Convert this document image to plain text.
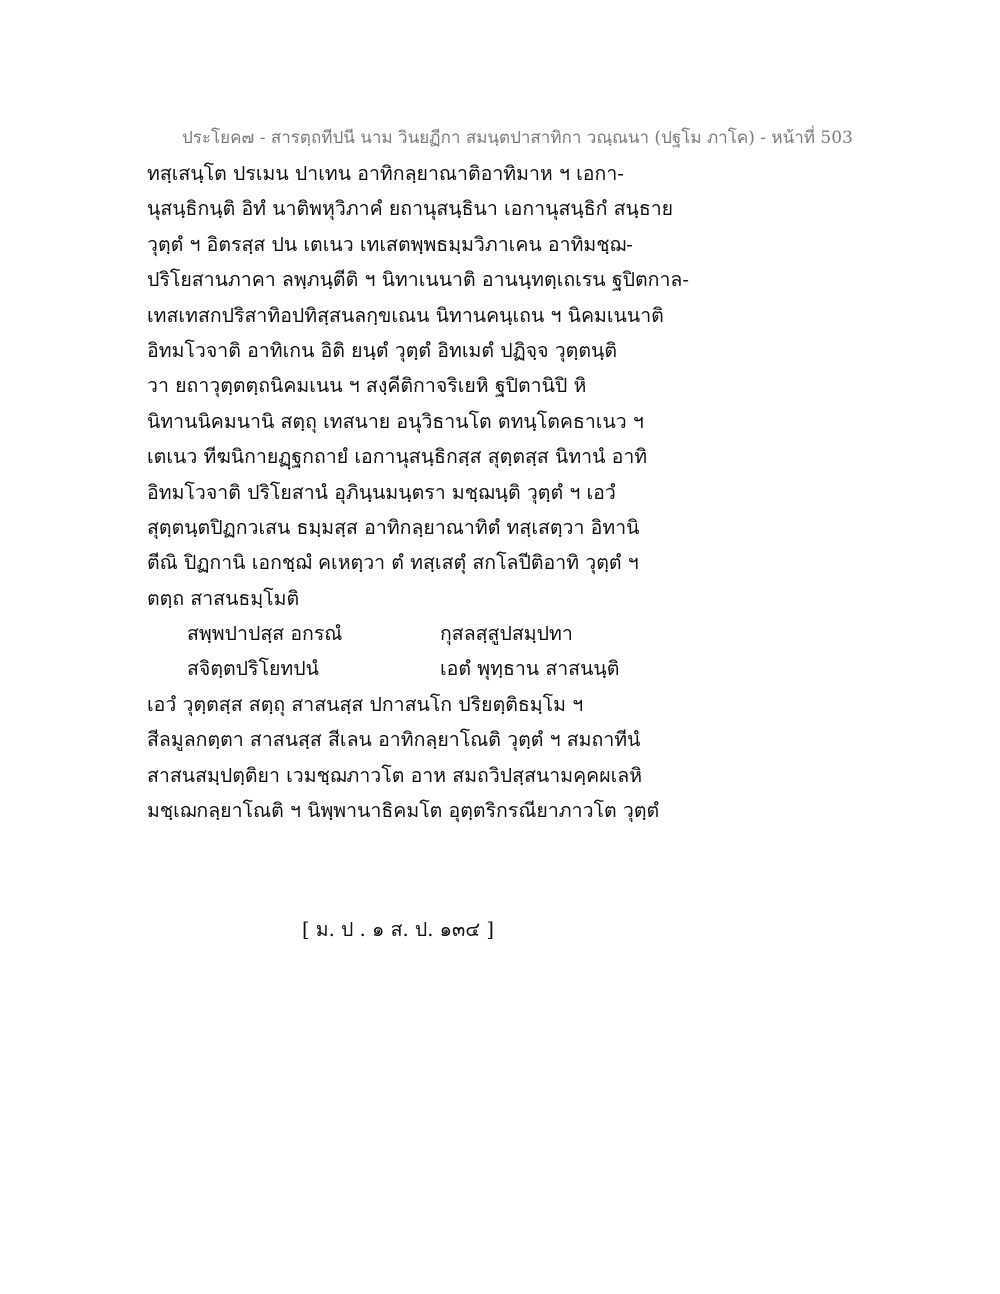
ประโยค๗ - สารตฺถทีปนี นาม วินยฏีกา สมนฺตปาสาทิกา วณฺณนา (ปฐโม ภาโค) - หน้าที่ 503
ทสฺเสนฺโต ปรเมน ปาเทน อาทิกลฺยาณาติอาทิมาห ฯ เอกา-
นุสนฺธิกนฺติ อิทํ นาติพหุวิภาคํ ยถานุสนฺธินา เอกานุสนฺธิกํ สนฺธาย
วุตฺตํ ฯ อิตรสฺส ปน เตเนว เทเสตพฺพธมฺมวิภาเคน อาทิมชฺฌ-
ปริโยสานภาคา ลพฺภนฺตีติ ฯ นิทาเนนาติ อานนฺทตฺเถเรน ฐปิตกาล-
เทสเทสกปริสาทิอปทิสฺสนลกฺขเณน นิทานคนฺเถน ฯ นิคมเนนาติ
อิทมโวจาติ อาทิเกน อิติ ยนฺตํ วุตฺตํ อิทเมตํ ปฏิจฺจ วุตฺตนฺติ
วา ยถาวุตฺตตฺถนิคมเนน ฯ สงฺคีติกาจริเยหิ ฐปิตานิปิ หิ
นิทานนิคมนานิ สตฺถุ เทสนาย อนุวิธานโต ตทนฺโตคธาเนว ฯ
เตเนว ทีฆนิกายฏฺฐกถายํ เอกานุสนฺธิกสฺส สุตฺตสฺส นิทานํ อาทิ
อิทมโวจาติ ปริโยสานํ อุภินฺนมนฺตรา มชฺฌนฺติ วุตฺตํ ฯ เอวํ
สุตฺตนฺตปิฏกวเสน ธมฺมสฺส อาทิกลฺยาณาทิตํ ทสฺเสตฺวา อิทานิ
ตีณิ ปิฏกานิ เอกชฺฌํ คเหตฺวา ตํ ทสฺเสตุํ สกโลปีติอาทิ วุตฺตํ ฯ
ตตฺถ สาสนธมฺโมติ
สพฺพปาปสฺส อกรณํ	กุสลสฺสูปสมฺปทา
สจิตฺตปริโยทปนํ	เอตํ พุทฺธาน สาสนนฺติ
เอวํ วุตฺตสฺส สตฺถุ สาสนสฺส ปกาสนโก ปริยตฺติธมฺโม ฯ
สีลมูลกตฺตา สาสนสฺส สีเลน อาทิกลฺยาโณติ วุตฺตํ ฯ สมถาทีนํ
สาสนสมฺปตฺติยา เวมชฺฌภาวโต อาห สมถวิปสฺสนามคฺคผเลหิ
มชฺเฌกลฺยาโณติ ฯ นิพฺพานาธิคมโต อุตฺตริกรณียาภาวโต วุตฺตํ
[ ม. ป . ๑ ส. ป. ๑๓๔ ]
